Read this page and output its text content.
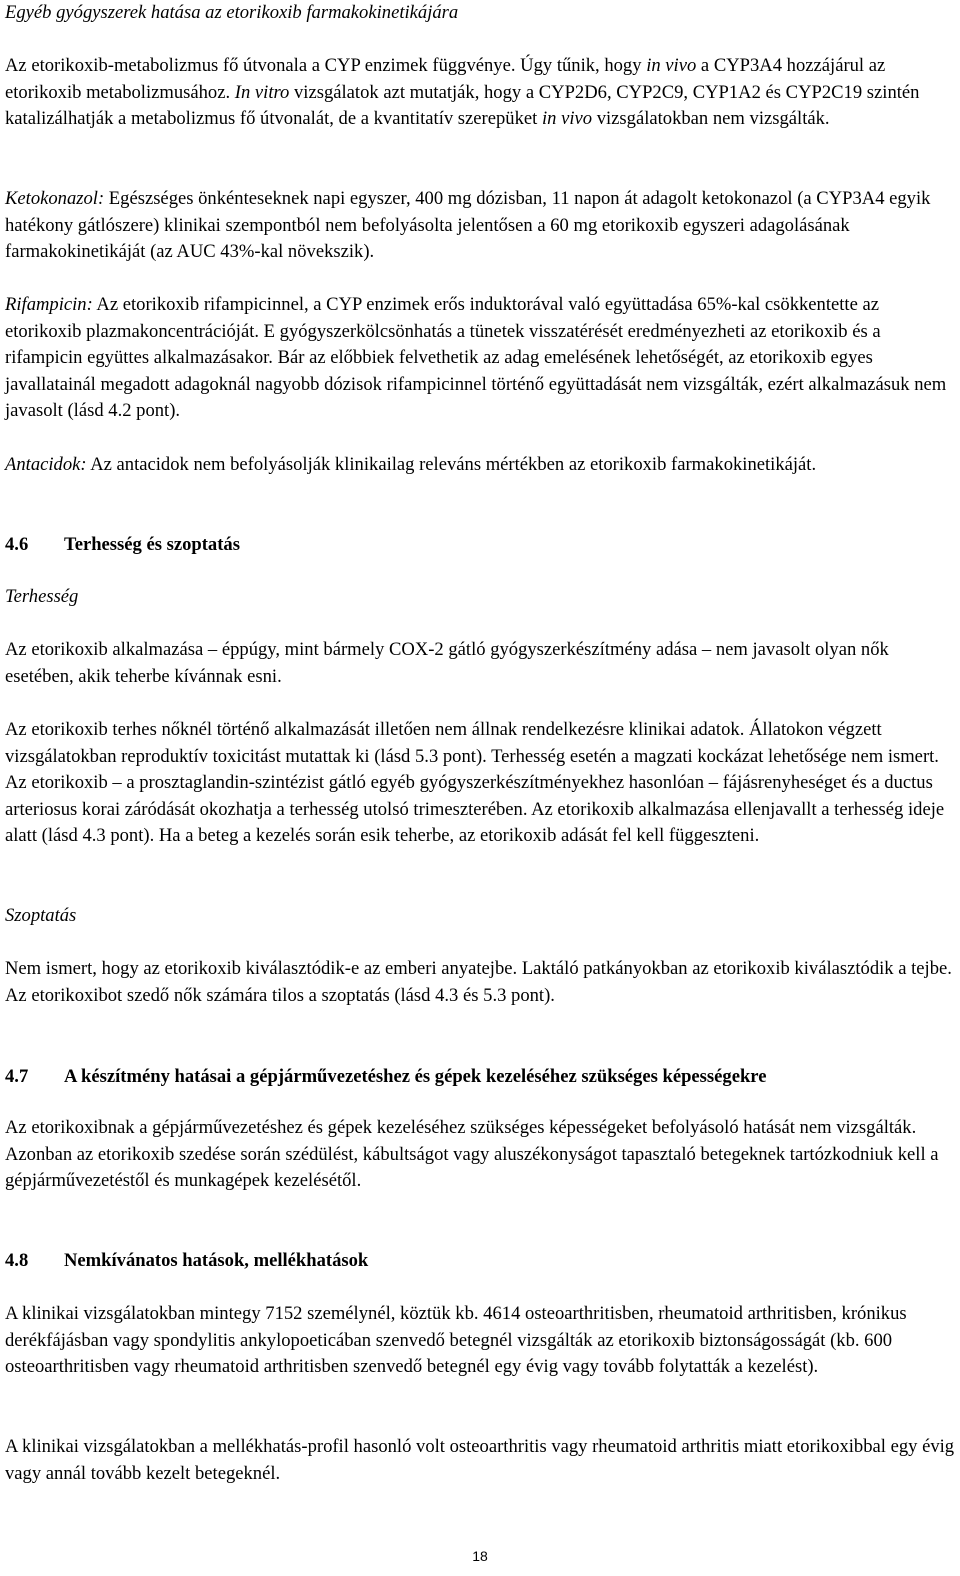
Egyéb gyógyszerek hatása az etorikoxib farmakokinetikájára

Az etorikoxib-metabolizmus fő útvonala a CYP enzimek függvénye. Úgy tűnik, hogy in vivo a CYP3A4 hozzájárul az etorikoxib metabolizmusához. In vitro vizsgálatok azt mutatják, hogy a CYP2D6, CYP2C9, CYP1A2 és CYP2C19 szintén katalizálhatják a metabolizmus fő útvonalát, de a kvantitatív szerepüket in vivo vizsgálatokban nem vizsgálták.

Ketokonazol: Egészséges önkénteseknek napi egyszer, 400 mg dózisban, 11 napon át adagolt ketokonazol (a CYP3A4 egyik hatékony gátlószere) klinikai szempontból nem befolyásolta jelentősen a 60 mg etorikoxib egyszeri adagolásának farmakokinetikáját (az AUC 43%-kal növekszik).

Rifampicin: Az etorikoxib rifampicinnel, a CYP enzimek erős induktorával való együttadása 65%-kal csökkentette az etorikoxib plazmakoncentrációját. E gyógyszerkölcsönhatás a tünetek visszatérését eredményezheti az etorikoxib és a rifampicin együttes alkalmazásakor. Bár az előbbiek felvethetik az adag emelésének lehetőségét, az etorikoxib egyes javallatainál megadott adagoknál nagyobb dózisok rifampicinnel történő együttadását nem vizsgálták, ezért alkalmazásuk nem javasolt (lásd 4.2 pont).

Antacidok: Az antacidok nem befolyásolják klinikailag releváns mértékben az etorikoxib farmakokinetikáját.

4.6 Terhesség és szoptatás

Terhesség

Az etorikoxib alkalmazása – éppúgy, mint bármely COX-2 gátló gyógyszerkészítmény adása – nem javasolt olyan nők esetében, akik teherbe kívánnak esni.

Az etorikoxib terhes nőknél történő alkalmazását illetően nem állnak rendelkezésre klinikai adatok. Állatokon végzett vizsgálatokban reproduktív toxicitást mutattak ki (lásd 5.3 pont). Terhesség esetén a magzati kockázat lehetősége nem ismert. Az etorikoxib – a prosztaglandin-szintézist gátló egyéb gyógyszerkészítményekhez hasonlóan – fájásrenyheséget és a ductus arteriosus korai záródását okozhatja a terhesség utolsó trimeszterében. Az etorikoxib alkalmazása ellenjavallt a terhesség ideje alatt (lásd 4.3 pont). Ha a beteg a kezelés során esik teherbe, az etorikoxib adását fel kell függeszteni.

Szoptatás

Nem ismert, hogy az etorikoxib kiválasztódik-e az emberi anyatejbe. Laktáló patkányokban az etorikoxib kiválasztódik a tejbe. Az etorikoxibot szedő nők számára tilos a szoptatás (lásd 4.3 és 5.3 pont).

4.7 A készítmény hatásai a gépjárművezetéshez és gépek kezeléséhez szükséges képességekre

Az etorikoxibnak a gépjárművezetéshez és gépek kezeléséhez szükséges képességeket befolyásoló hatását nem vizsgálták. Azonban az etorikoxib szedése során szédülést, kábultságot vagy aluszékonyságot tapasztaló betegeknek tartózkodniuk kell a gépjárművezetéstől és munkagépek kezelésétől.

4.8 Nemkívánatos hatások, mellékhatások

A klinikai vizsgálatokban mintegy 7152 személynél, köztük kb. 4614 osteoarthritisben, rheumatoid arthritisben, krónikus derékfájásban vagy spondylitis ankylopoeticában szenvedő betegnél vizsgálták az etorikoxib biztonságosságát (kb. 600 osteoarthritisben vagy rheumatoid arthritisben szenvedő betegnél egy évig vagy tovább folytatták a kezelést).

A klinikai vizsgálatokban a mellékhatás-profil hasonló volt osteoarthritis vagy rheumatoid arthritis miatt etorikoxibbal egy évig vagy annál tovább kezelt betegeknél.

18
